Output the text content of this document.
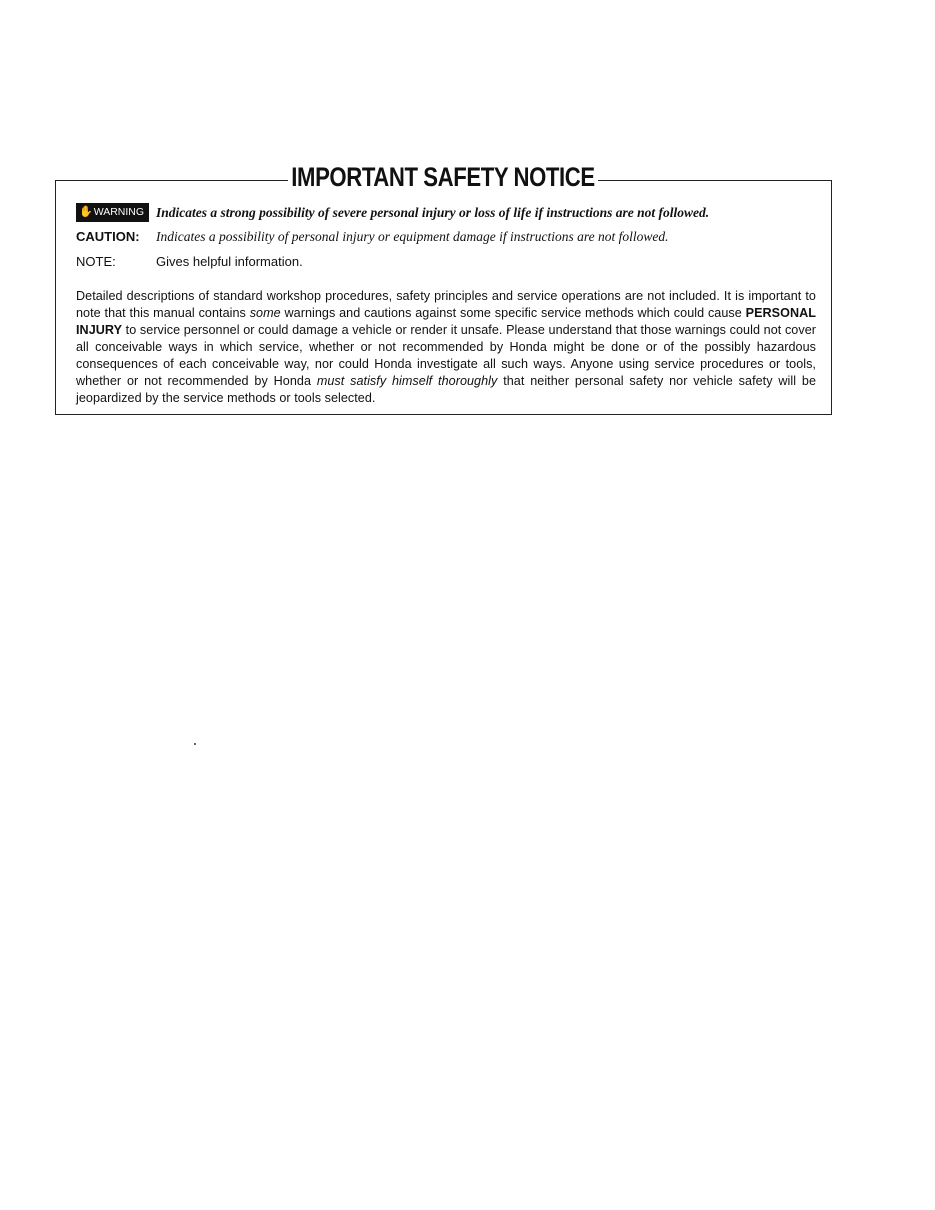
IMPORTANT SAFETY NOTICE
✋WARNING Indicates a strong possibility of severe personal injury or loss of life if instructions are not followed.
CAUTION: Indicates a possibility of personal injury or equipment damage if instructions are not followed.
NOTE:	Gives helpful information.
Detailed descriptions of standard workshop procedures, safety principles and service operations are not included. It is important to note that this manual contains some warnings and cautions against some specific service methods which could cause PERSONAL INJURY to service personnel or could damage a vehicle or render it unsafe. Please understand that those warnings could not cover all conceivable ways in which service, whether or not recommended by Honda might be done or of the possibly hazardous consequences of each conceivable way, nor could Honda investigate all such ways. Anyone using service procedures or tools, whether or not recommended by Honda must satisfy himself thoroughly that neither personal safety nor vehicle safety will be jeopardized by the service methods or tools selected.
